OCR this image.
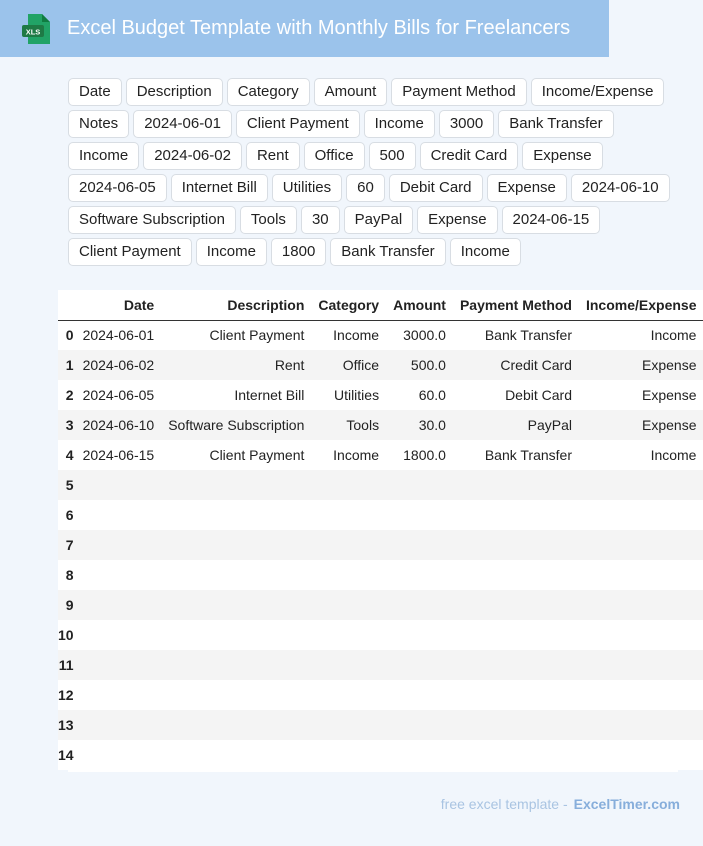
XLS Excel Budget Template with Monthly Bills for Freelancers
Date	Description	Category	Amount	Payment Method	Income/Expense
Notes	2024-06-01	Client Payment	Income	3000	Bank Transfer
Income	2024-06-02	Rent	Office	500	Credit Card	Expense
2024-06-05	Internet Bill	Utilities	60	Debit Card	Expense	2024-06-10
Software Subscription	Tools	30	PayPal	Expense	2024-06-15
Client Payment	Income	1800	Bank Transfer	Income
	Date	Description	Category	Amount	Payment Method	Income/Expense
0	2024-06-01	Client Payment	Income	3000.0	Bank Transfer	Income
1	2024-06-02	Rent	Office	500.0	Credit Card	Expense
2	2024-06-05	Internet Bill	Utilities	60.0	Debit Card	Expense
3	2024-06-10	Software Subscription	Tools	30.0	PayPal	Expense
4	2024-06-15	Client Payment	Income	1800.0	Bank Transfer	Income
5						
6						
7						
8						
9						
10						
11						
12						
13						
14						
free excel template - ExcelTimer.com
